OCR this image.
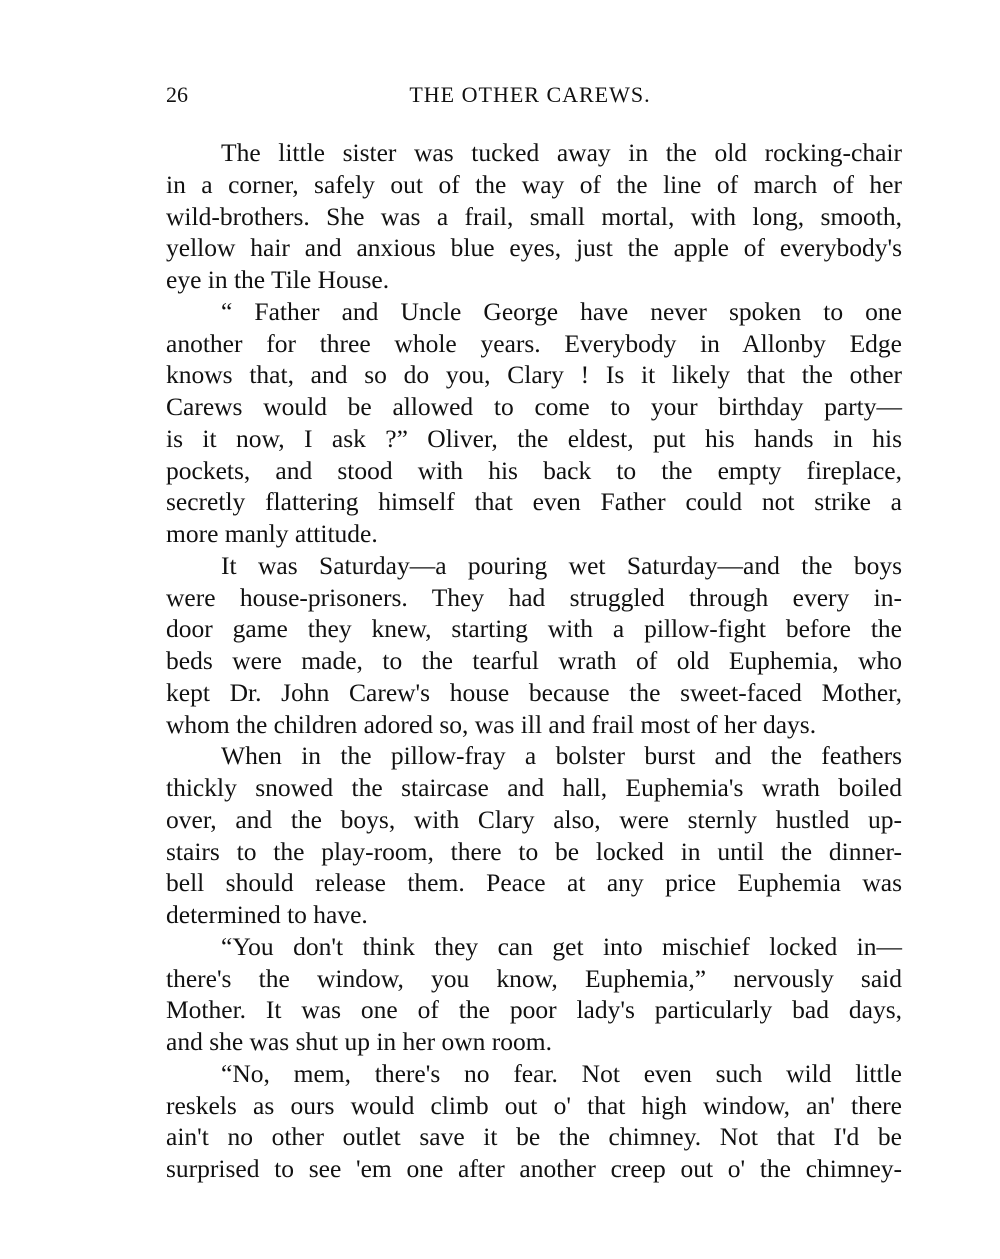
26	THE OTHER CAREWS.
The little sister was tucked away in the old rocking-chair
in a corner, safely out of the way of the line of march of her
wild-brothers. She was a frail, small mortal, with long, smooth,
yellow hair and anxious blue eyes, just the apple of everybody's
eye in the Tile House.
“ Father and Uncle George have never spoken to one
another for three whole years. Everybody in Allonby Edge
knows that, and so do you, Clary ! Is it likely that the other
Carews would be allowed to come to your birthday party—
is it now, I ask ?” Oliver, the eldest, put his hands in his
pockets, and stood with his back to the empty fireplace,
secretly flattering himself that even Father could not strike a
more manly attitude.
It was Saturday—a pouring wet Saturday—and the boys
were house-prisoners. They had struggled through every in-
door game they knew, starting with a pillow-fight before the
beds were made, to the tearful wrath of old Euphemia, who
kept Dr. John Carew's house because the sweet-faced Mother,
whom the children adored so, was ill and frail most of her days.
When in the pillow-fray a bolster burst and the feathers
thickly snowed the staircase and hall, Euphemia's wrath boiled
over, and the boys, with Clary also, were sternly hustled up-
stairs to the play-room, there to be locked in until the dinner-
bell should release them. Peace at any price Euphemia was
determined to have.
“You don't think they can get into mischief locked in—
there's the window, you know, Euphemia,” nervously said
Mother. It was one of the poor lady's particularly bad days,
and she was shut up in her own room.
“No, mem, there's no fear. Not even such wild little
reskels as ours would climb out o' that high window, an' there
ain't no other outlet save it be the chimney. Not that I'd be
surprised to see 'em one after another creep out o' the chimney-
